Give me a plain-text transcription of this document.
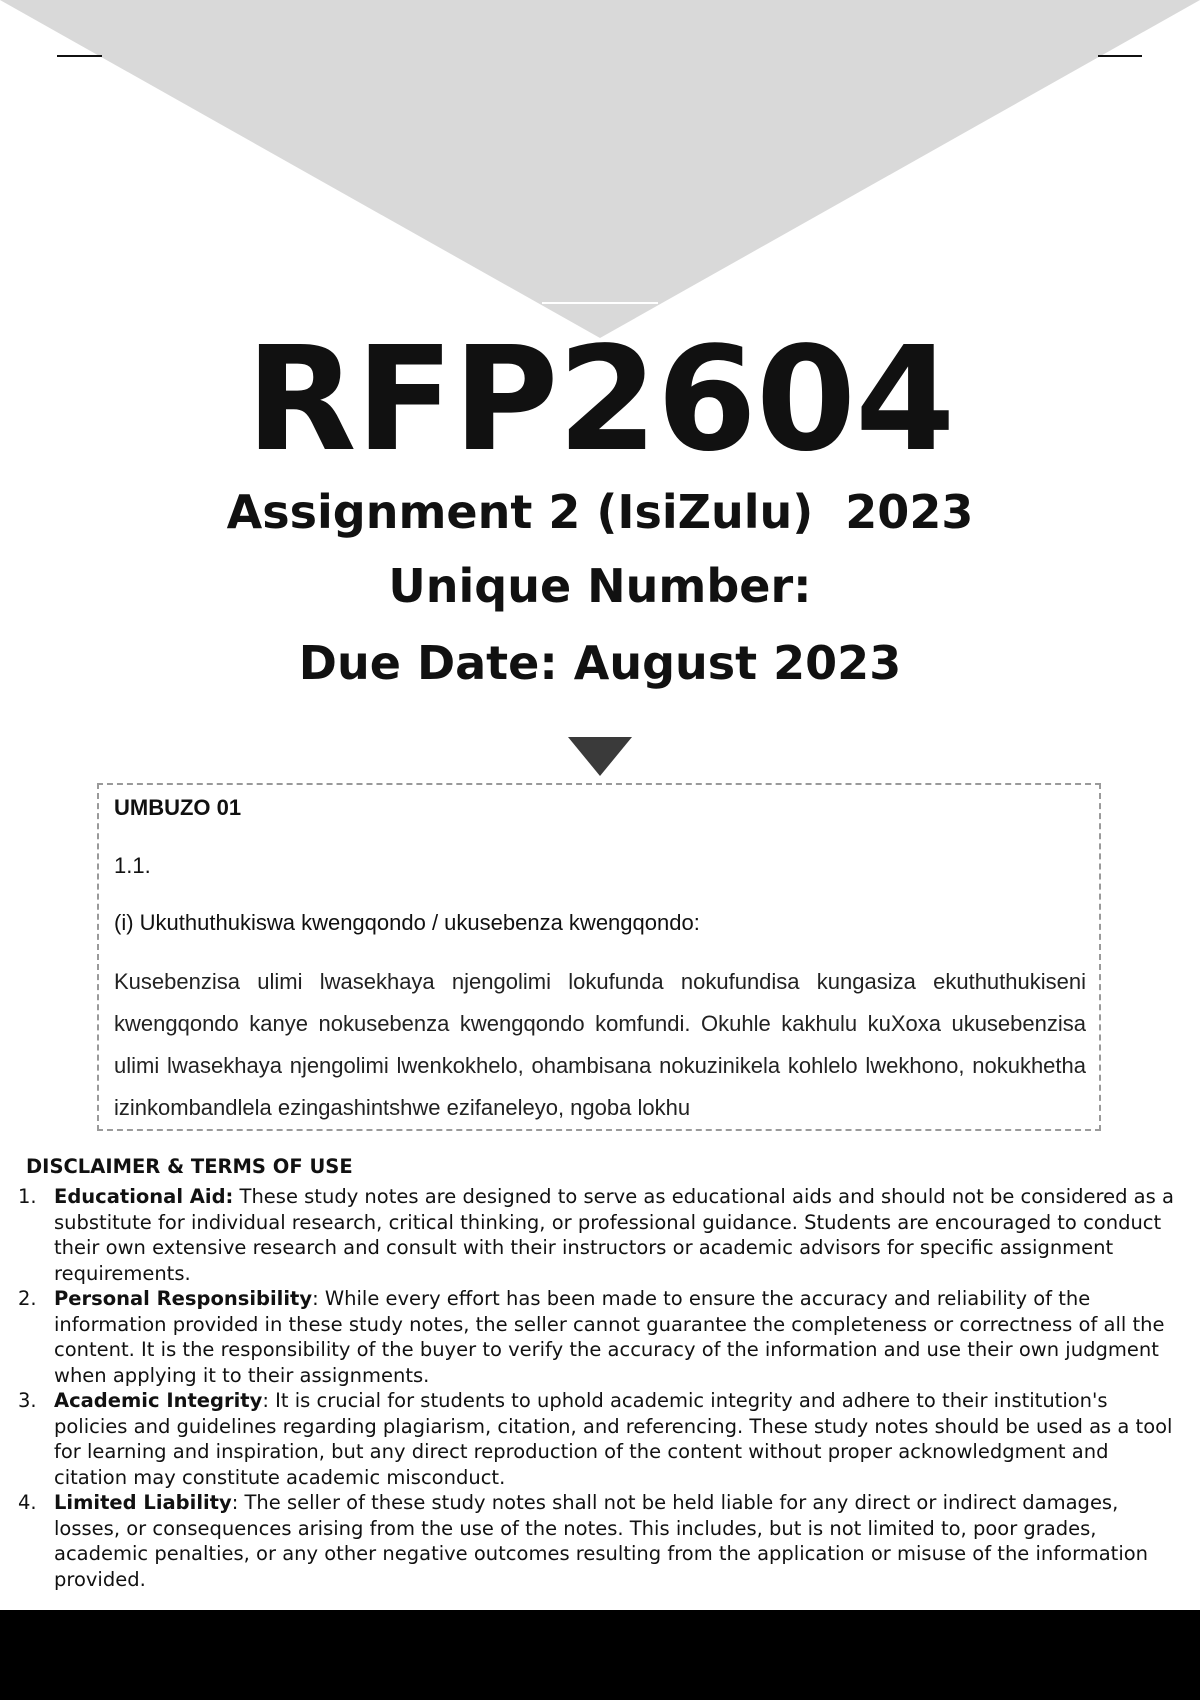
RFP2604
Assignment 2 (IsiZulu)  2023
Unique Number:
Due Date: August 2023
UMBUZO 01
1.1.
(i) Ukuthuthukiswa kwengqondo / ukusebenza kwengqondo:
Kusebenzisa ulimi lwasekhaya njengolimi lokufunda nokufundisa kungasiza ekuthuthukiseni kwengqondo kanye nokusebenza kwengqondo komfundi. Okuhle kakhulu kuXoxa ukusebenzisa ulimi lwasekhaya njengolimi lwenkokhelo, ohambisana nokuzinikela kohlelo lwekhono, nokukhetha izinkombandlela ezingashintshwe ezifaneleyo, ngoba lokhu
DISCLAIMER & TERMS OF USE
1. Educational Aid: These study notes are designed to serve as educational aids and should not be considered as a substitute for individual research, critical thinking, or professional guidance. Students are encouraged to conduct their own extensive research and consult with their instructors or academic advisors for specific assignment requirements.
2. Personal Responsibility: While every effort has been made to ensure the accuracy and reliability of the information provided in these study notes, the seller cannot guarantee the completeness or correctness of all the content. It is the responsibility of the buyer to verify the accuracy of the information and use their own judgment when applying it to their assignments.
3. Academic Integrity: It is crucial for students to uphold academic integrity and adhere to their institution's policies and guidelines regarding plagiarism, citation, and referencing. These study notes should be used as a tool for learning and inspiration, but any direct reproduction of the content without proper acknowledgment and citation may constitute academic misconduct.
4. Limited Liability: The seller of these study notes shall not be held liable for any direct or indirect damages, losses, or consequences arising from the use of the notes. This includes, but is not limited to, poor grades, academic penalties, or any other negative outcomes resulting from the application or misuse of the information provided.
